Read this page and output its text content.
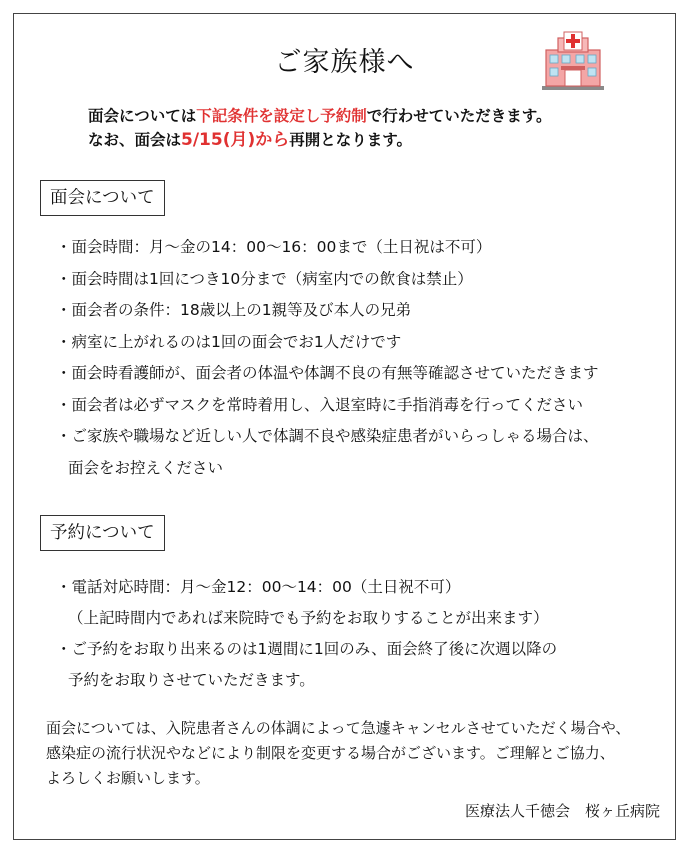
ご家族様へ
面会については下記条件を設定し予約制で行わせていただきます。
なお、面会は5/15(月)から再開となります。
面会について
・面会時間：月～金の14：00～16：00まで（土日祝は不可）
・面会時間は1回につき10分まで（病室内での飲食は禁止）
・面会者の条件：18歳以上の1親等及び本人の兄弟
・病室に上がれるのは1回の面会でお1人だけです
・面会時看護師が、面会者の体温や体調不良の有無等確認させていただきます
・面会者は必ずマスクを常時着用し、入退室時に手指消毒を行ってください
・ご家族や職場など近しい人で体調不良や感染症患者がいらっしゃる場合は、
面会をお控えください
予約について
・電話対応時間：月～金12：00～14：00（土日祝不可）
（上記時間内であれば来院時でも予約をお取りすることが出来ます）
・ご予約をお取り出来るのは1週間に1回のみ、面会終了後に次週以降の
予約をお取りさせていただきます。
面会については、入院患者さんの体調によって急遽キャンセルさせていただく場合や、
感染症の流行状況やなどにより制限を変更する場合がございます。ご理解とご協力、
よろしくお願いします。
医療法人千徳会　桜ヶ丘病院
